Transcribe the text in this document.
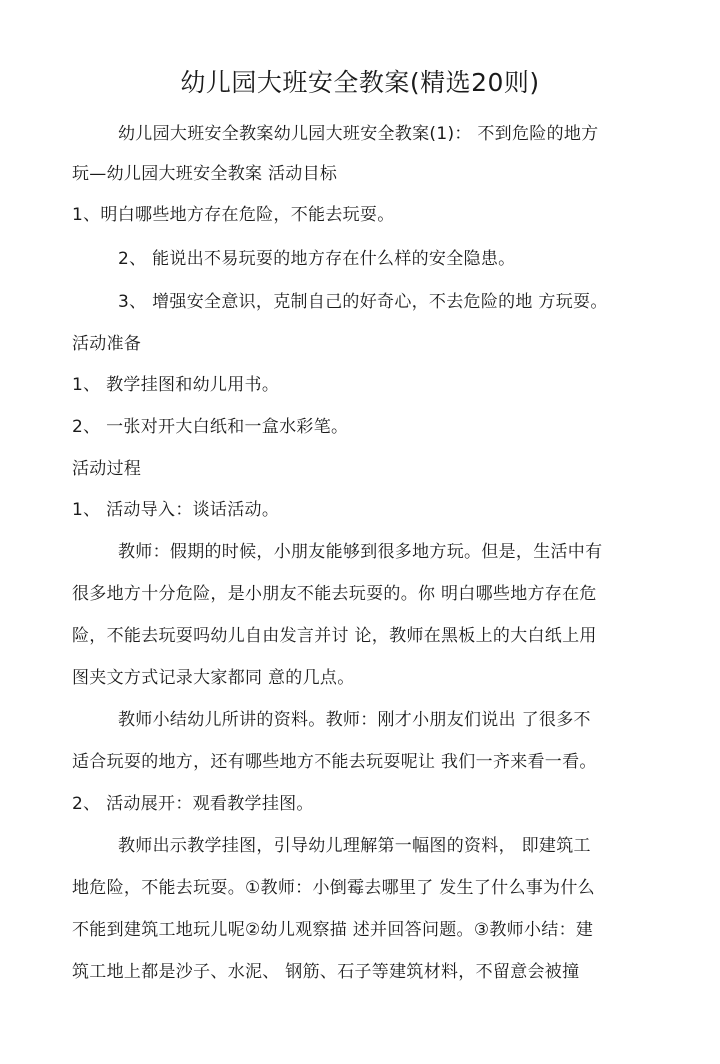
幼儿园大班安全教案(精选20则)
幼儿园大班安全教案幼儿园大班安全教案(1)： 不到危险的地方
玩—幼儿园大班安全教案 活动目标
1、明白哪些地方存在危险，不能去玩耍。
2、 能说出不易玩耍的地方存在什么样的安全隐患。
3、 增强安全意识，克制自己的好奇心，不去危险的地 方玩耍。
活动准备
1、 教学挂图和幼儿用书。
2、 一张对开大白纸和一盒水彩笔。
活动过程
1、 活动导入：谈话活动。
教师：假期的时候，小朋友能够到很多地方玩。但是，生活中有
很多地方十分危险，是小朋友不能去玩耍的。你 明白哪些地方存在危
险，不能去玩耍吗幼儿自由发言并讨 论，教师在黑板上的大白纸上用
图夹文方式记录大家都同 意的几点。
教师小结幼儿所讲的资料。教师：刚才小朋友们说出 了很多不
适合玩耍的地方，还有哪些地方不能去玩耍呢让 我们一齐来看一看。
2、 活动展开：观看教学挂图。
教师出示教学挂图，引导幼儿理解第一幅图的资料， 即建筑工
地危险，不能去玩耍。①教师：小倒霉去哪里了 发生了什么事为什么
不能到建筑工地玩儿呢②幼儿观察描 述并回答问题。③教师小结：建
筑工地上都是沙子、水泥、 钢筋、石子等建筑材料，不留意会被撞
